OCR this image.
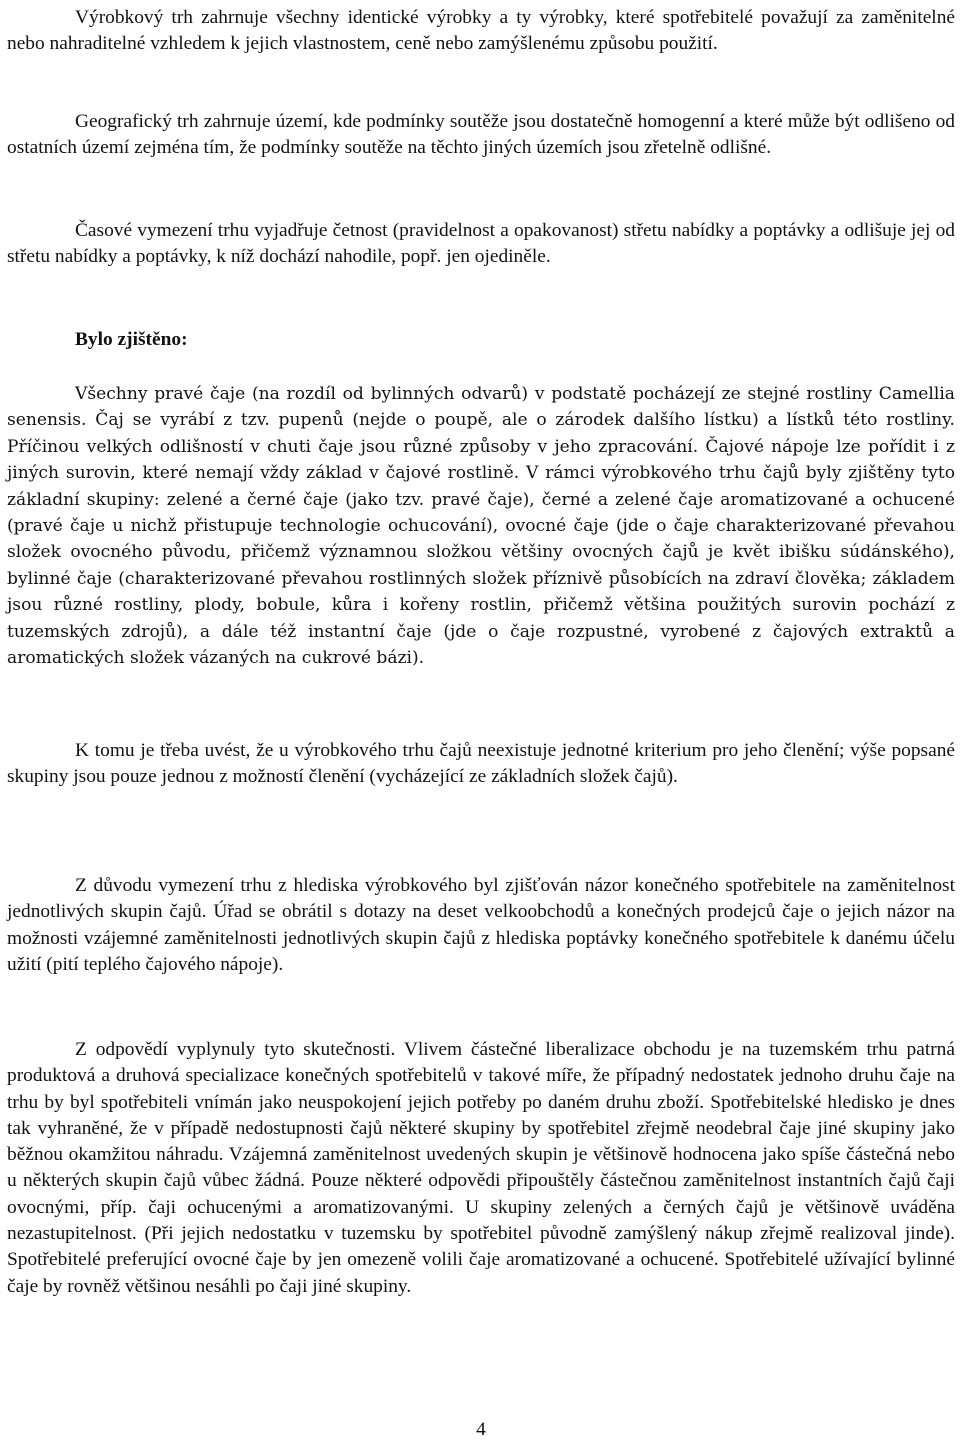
Výrobkový trh zahrnuje všechny identické výrobky a ty výrobky, které spotřebitelé považují za zaměnitelné nebo nahraditelné vzhledem k jejich vlastnostem, ceně nebo zamýšlenému způsobu použití.

Geografický trh zahrnuje území, kde podmínky soutěže jsou dostatečně homogenní a které může být odlišeno od ostatních území zejména tím, že podmínky soutěže na těchto jiných územích jsou zřetelně odlišné.

Časové vymezení trhu vyjadřuje četnost (pravidelnost a opakovanost) střetu nabídky a poptávky a odlišuje jej od střetu nabídky a poptávky, k níž dochází nahodile, popř. jen ojediněle.

Bylo zjištěno:

Všechny pravé čaje (na rozdíl od bylinných odvarů) v podstatě pocházejí ze stejné rostliny Camellia senensis. Čaj se vyrábí z tzv. pupenů (nejde o poupě, ale o zárodek dalšího lístku) a lístků této rostliny. Příčinou velkých odlišností v chuti čaje jsou různé způsoby v jeho zpracování. Čajové nápoje lze pořídit i z jiných surovin, které nemají vždy základ v čajové rostlině. V rámci výrobkového trhu čajů byly zjištěny tyto základní skupiny: zelené a černé čaje (jako tzv. pravé čaje), černé a zelené čaje aromatizované a ochucené (pravé čaje u nichž přistupuje technologie ochucování), ovocné čaje (jde o čaje charakterizované převahou složek ovocného původu, přičemž významnou složkou většiny ovocných čajů je květ ibišku súdánského), bylinné čaje (charakterizované převahou rostlinných složek příznivě působících na zdraví člověka; základem jsou různé rostliny, plody, bobule, kůra i kořeny rostlin, přičemž většina použitých surovin pochází z tuzemských zdrojů), a dále též instantní čaje (jde o čaje rozpustné, vyrobené z čajových extraktů a aromatických složek vázaných na cukrové bázi).

K tomu je třeba uvést, že u výrobkového trhu čajů neexistuje jednotné kriterium pro jeho členění; výše popsané skupiny jsou pouze jednou z možností členění (vycházející ze základních složek čajů).

Z důvodu vymezení trhu z hlediska výrobkového byl zjišťován názor konečného spotřebitele na zaměnitelnost jednotlivých skupin čajů. Úřad se obrátil s dotazy na deset velkoobchodů a konečných prodejců čaje o jejich názor na možnosti vzájemné zaměnitelnosti jednotlivých skupin čajů z hlediska poptávky konečného spotřebitele k danému účelu užití (pití teplého čajového nápoje).

Z odpovědí vyplynuly tyto skutečnosti. Vlivem částečné liberalizace obchodu je na tuzemském trhu patrná produktová a druhová specializace konečných spotřebitelů v takové míře, že případný nedostatek jednoho druhu čaje na trhu by byl spotřebiteli vnímán jako neuspokojení jejich potřeby po daném druhu zboží. Spotřebitelské hledisko je dnes tak vyhraněné, že v případě nedostupnosti čajů některé skupiny by spotřebitel zřejmě neodebral čaje jiné skupiny jako běžnou okamžitou náhradu. Vzájemná zaměnitelnost uvedených skupin je většinově hodnocena jako spíše částečná nebo u některých skupin čajů vůbec žádná. Pouze některé odpovědi připouštěly částečnou zaměnitelnost instantních čajů čaji ovocnými, příp. čaji ochucenými a aromatizovanými. U skupiny zelených a černých čajů je většinově uváděna nezastupitelnost. (Při jejich nedostatku v tuzemsku by spotřebitel původně zamýšlený nákup zřejmě realizoval jinde). Spotřebitelé preferující ovocné čaje by jen omezeně volili čaje aromatizované a ochucené. Spotřebitelé užívající bylinné čaje by rovněž většinou nesáhli po čaji jiné skupiny.

4
